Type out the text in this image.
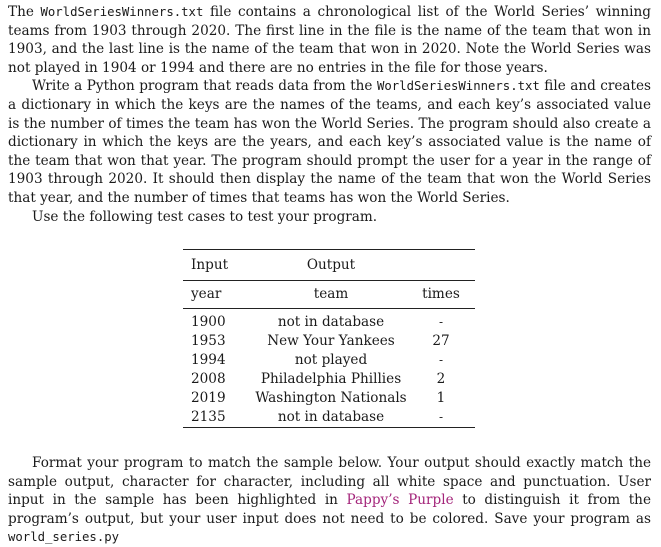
The WorldSeriesWinners.txt file contains a chronological list of the World Series’ winning teams from 1903 through 2020. The first line in the file is the name of the team that won in 1903, and the last line is the name of the team that won in 2020. Note the World Series was not played in 1904 or 1994 and there are no entries in the file for those years.

Write a Python program that reads data from the WorldSeriesWinners.txt file and creates a dictionary in which the keys are the names of the teams, and each key’s associated value is the number of times the team has won the World Series. The program should also create a dictionary in which the keys are the years, and each key’s associated value is the name of the team that won that year. The program should prompt the user for a year in the range of 1903 through 2020. It should then display the name of the team that won the World Series that year, and the number of times that teams has won the World Series.

Use the following test cases to test your program.

Input	Output	
year	team	times

1900	not in database	-
1953	New Your Yankees	27
1994	not played	-
2008	Philadelphia Phillies	2
2019	Washington Nationals	1
2135	not in database	-

Format your program to match the sample below. Your output should exactly match the sample output, character for character, including all white space and punctuation. User input in the sample has been highlighted in Pappy’s Purple to distinguish it from the program’s output, but your user input does not need to be colored. Save your program as world_series.py
